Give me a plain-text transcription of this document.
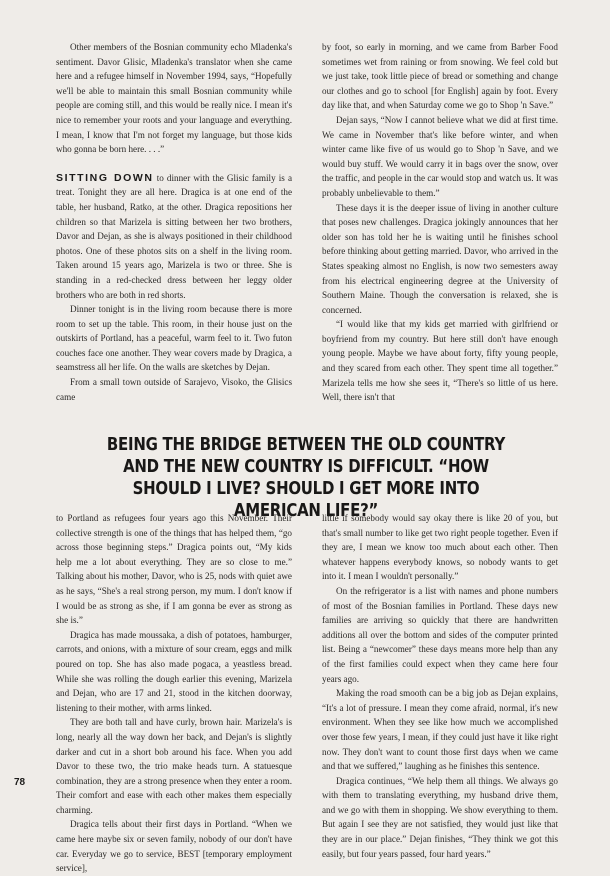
Other members of the Bosnian community echo Mladenka's sentiment. Davor Glisic, Mladenka's translator when she came here and a refugee himself in November 1994, says, “Hopefully we'll be able to maintain this small Bosnian community while people are coming still, and this would be really nice. I mean it's nice to remember your roots and your language and everything. I mean, I know that I'm not forget my language, but those kids who gonna be born here. . . .”

SITTING DOWN to dinner with the Glisic family is a treat. Tonight they are all here. Dragica is at one end of the table, her husband, Ratko, at the other. Dragica repositions her children so that Marizela is sitting between her two brothers, Davor and Dejan, as she is always positioned in their childhood photos. One of these photos sits on a shelf in the living room. Taken around 15 years ago, Marizela is two or three. She is standing in a red-checked dress between her leggy older brothers who are both in red shorts.

Dinner tonight is in the living room because there is more room to set up the table. This room, in their house just on the outskirts of Portland, has a peaceful, warm feel to it. Two futon couches face one another. They wear covers made by Dragica, a seamstress all her life. On the walls are sketches by Dejan.

From a small town outside of Sarajevo, Visoko, the Glisics came

by foot, so early in morning, and we came from Barber Food sometimes wet from raining or from snowing. We feel cold but we just take, took little piece of bread or something and change our clothes and go to school [for English] again by foot. Every day like that, and when Saturday come we go to Shop 'n Save.”

Dejan says, “Now I cannot believe what we did at first time. We came in November that's like before winter, and when winter came like five of us would go to Shop 'n Save, and we would buy stuff. We would carry it in bags over the snow, over the traffic, and people in the car would stop and watch us. It was probably unbelievable to them.”

These days it is the deeper issue of living in another culture that poses new challenges. Dragica jokingly announces that her older son has told her he is waiting until he finishes school before thinking about getting married. Davor, who arrived in the States speaking almost no English, is now two semesters away from his electrical engineering degree at the University of Southern Maine. Though the conversation is relaxed, she is concerned.

“I would like that my kids get married with girlfriend or boyfriend from my country. But here still don't have enough young people. Maybe we have about forty, fifty young people, and they scared from each other. They spent time all together.” Marizela tells me how she sees it, “There's so little of us here. Well, there isn't that

BEING THE BRIDGE BETWEEN THE OLD COUNTRY AND THE NEW COUNTRY IS DIFFICULT. “HOW SHOULD I LIVE? SHOULD I GET MORE INTO AMERICAN LIFE?”

to Portland as refugees four years ago this November. Their collective strength is one of the things that has helped them, “go across those beginning steps.” Dragica points out, “My kids help me a lot about everything. They are so close to me.” Talking about his mother, Davor, who is 25, nods with quiet awe as he says, “She's a real strong person, my mum. I don't know if I would be as strong as she, if I am gonna be ever as strong as she is.”

Dragica has made moussaka, a dish of potatoes, hamburger, carrots, and onions, with a mixture of sour cream, eggs and milk poured on top. She has also made pogaca, a yeastless bread. While she was rolling the dough earlier this evening, Marizela and Dejan, who are 17 and 21, stood in the kitchen doorway, listening to their mother, with arms linked.

They are both tall and have curly, brown hair. Marizela's is long, nearly all the way down her back, and Dejan's is slightly darker and cut in a short bob around his face. When you add Davor to these two, the trio make heads turn. A statuesque combination, they are a strong presence when they enter a room. Their comfort and ease with each other makes them especially charming.

Dragica tells about their first days in Portland. “When we came here maybe six or seven family, nobody of our don't have car. Everyday we go to service, BEST [temporary employment service],

little if somebody would say okay there is like 20 of you, but that's small number to like get two right people together. Even if they are, I mean we know too much about each other. Then whatever happens everybody knows, so nobody wants to get into it. I mean I wouldn't personally.”

On the refrigerator is a list with names and phone numbers of most of the Bosnian families in Portland. These days new families are arriving so quickly that there are handwritten additions all over the bottom and sides of the computer printed list. Being a “newcomer” these days means more help than any of the first families could expect when they came here four years ago.

Making the road smooth can be a big job as Dejan explains, “It's a lot of pressure. I mean they come afraid, normal, it's new environment. When they see like how much we accomplished over those few years, I mean, if they could just have it like right now. They don't want to count those first days when we came and that we suffered,” laughing as he finishes this sentence.

Dragica continues, “We help them all things. We always go with them to translating everything, my husband drive them, and we go with them in shopping. We show everything to them. But again I see they are not satisfied, they would just like that they are in our place.” Dejan finishes, “They think we got this easily, but four years passed, four hard years.”

78
